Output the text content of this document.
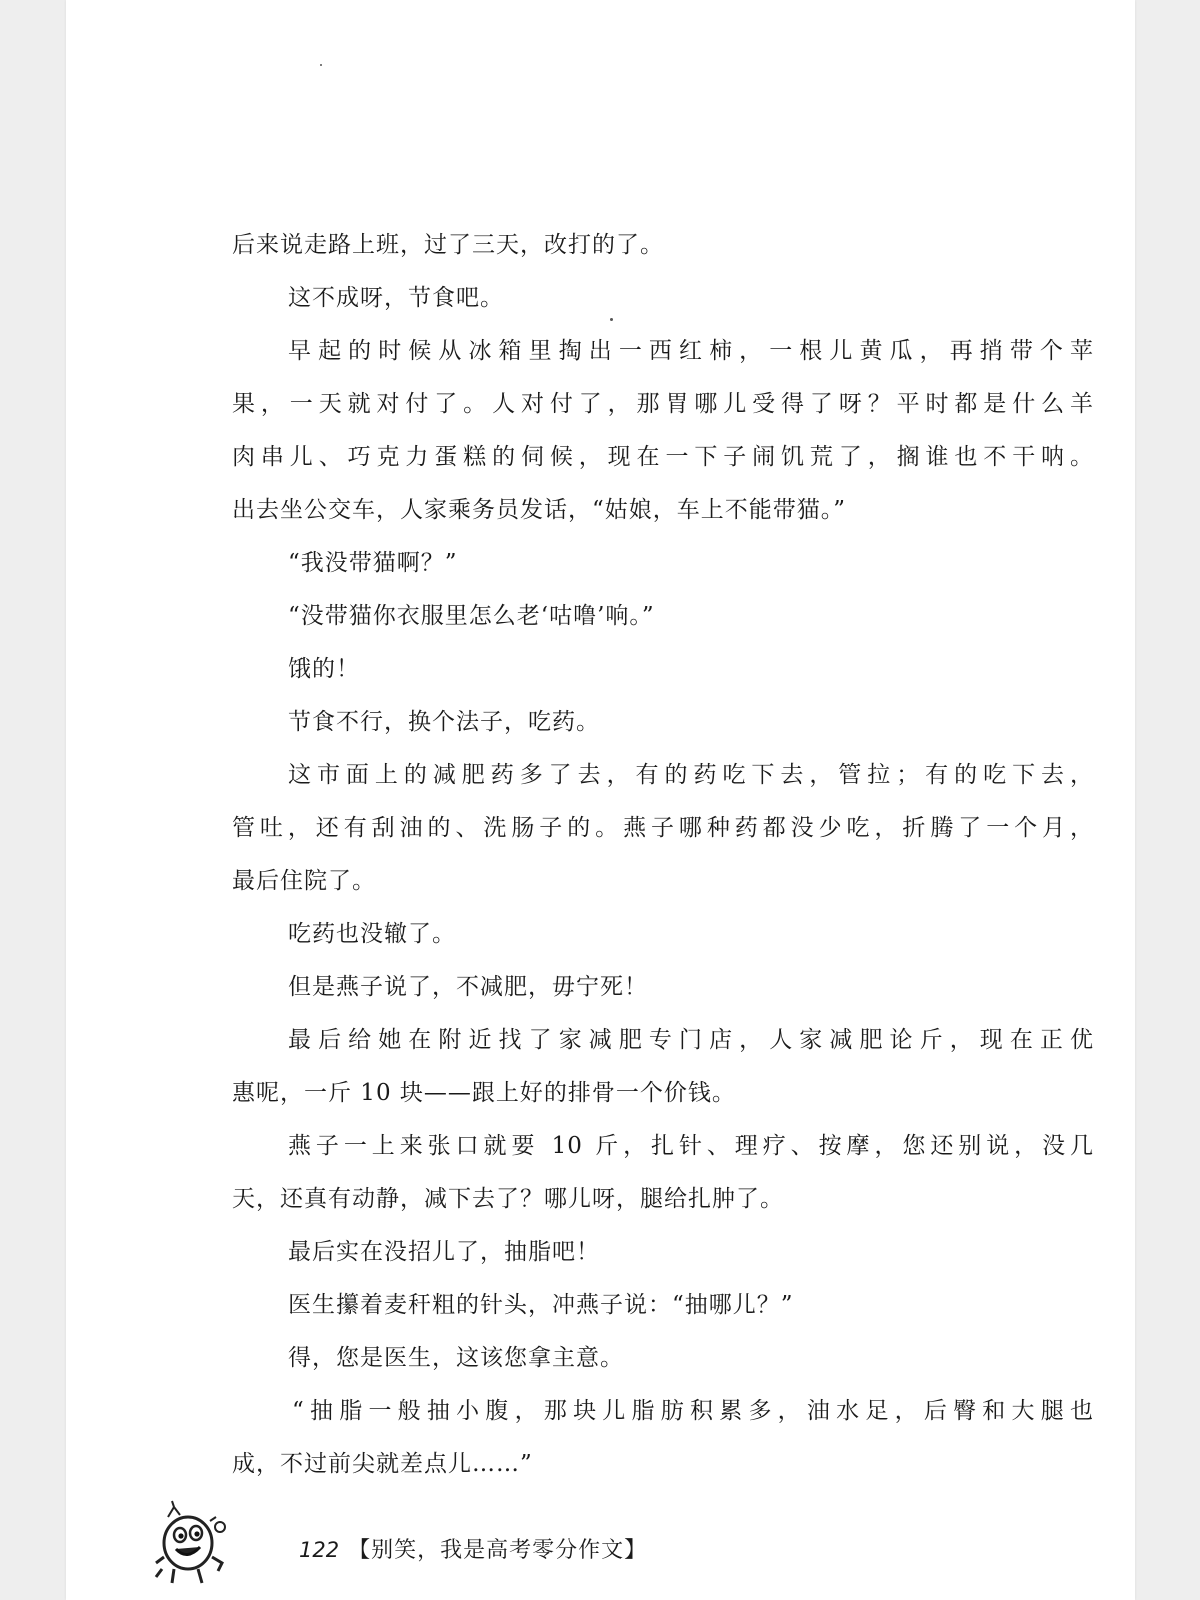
后来说走路上班，过了三天，改打的了。
这不成呀，节食吧。
早起的时候从冰箱里掏出一西红柿，一根儿黄瓜，再捎带个苹
果，一天就对付了。人对付了，那胃哪儿受得了呀？平时都是什么羊
肉串儿、巧克力蛋糕的伺候，现在一下子闹饥荒了，搁谁也不干呐。
出去坐公交车，人家乘务员发话，“姑娘，车上不能带猫。”
“我没带猫啊？”
“没带猫你衣服里怎么老‘咕噜’响。”
饿的！
节食不行，换个法子，吃药。
这市面上的减肥药多了去，有的药吃下去，管拉；有的吃下去，
管吐，还有刮油的、洗肠子的。燕子哪种药都没少吃，折腾了一个月，
最后住院了。
吃药也没辙了。
但是燕子说了，不减肥，毋宁死！
最后给她在附近找了家减肥专门店，人家减肥论斤，现在正优
惠呢，一斤 10 块——跟上好的排骨一个价钱。
燕子一上来张口就要 10 斤，扎针、理疗、按摩，您还别说，没几
天，还真有动静，减下去了？哪儿呀，腿给扎肿了。
最后实在没招儿了，抽脂吧！
医生攥着麦秆粗的针头，冲燕子说：“抽哪儿？”
得，您是医生，这该您拿主意。
“抽脂一般抽小腹，那块儿脂肪积累多，油水足，后臀和大腿也
成，不过前尖就差点儿……”
122 【别笑，我是高考零分作文】
